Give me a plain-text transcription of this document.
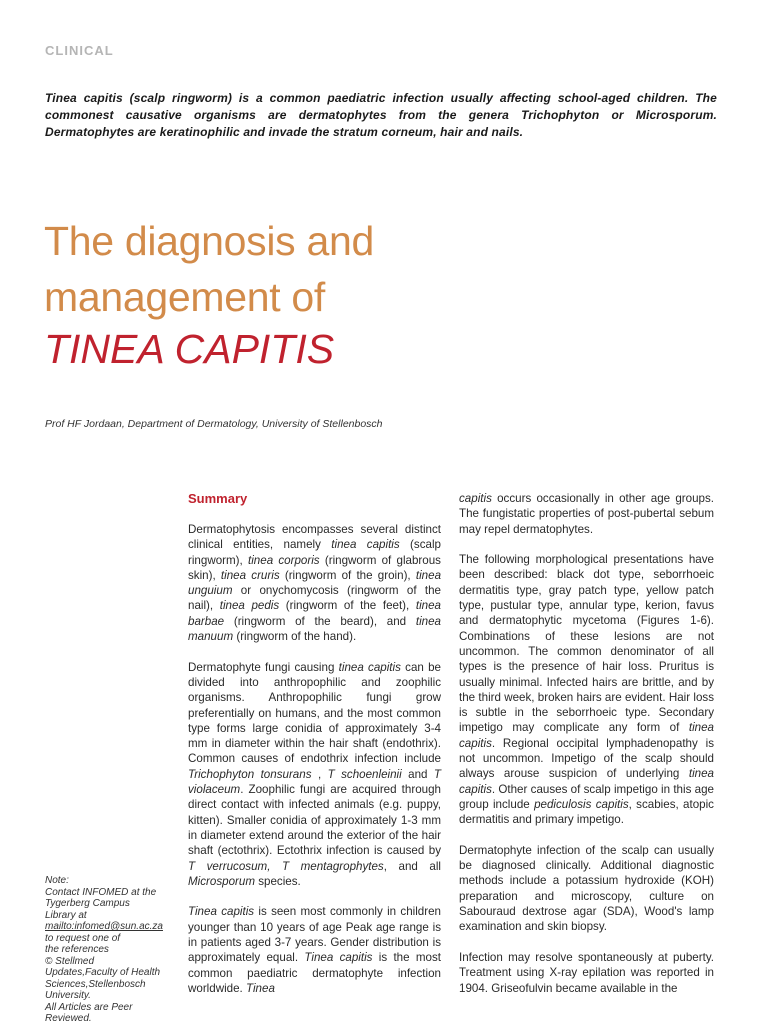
CLINICAL
Tinea capitis (scalp ringworm) is a common paediatric infection usually affecting school-aged children. The commonest causative organisms are dermatophytes from the genera Trichophyton or Microsporum. Dermatophytes are keratinophilic and invade the stratum corneum, hair and nails.
The diagnosis and
management of
TINEA CAPITIS
Prof HF Jordaan, Department of Dermatology, University of Stellenbosch
Summary

Dermatophytosis encompasses several distinct clinical entities, namely tinea capitis (scalp ringworm), tinea corporis (ringworm of glabrous skin), tinea cruris (ringworm of the groin), tinea unguium or onychomycosis (ringworm of the nail), tinea pedis (ringworm of the feet), tinea barbae (ringworm of the beard), and tinea manuum (ringworm of the hand).

Dermatophyte fungi causing tinea capitis can be divided into anthropophilic and zoophilic organisms. Anthropophilic fungi grow preferentially on humans, and the most common type forms large conidia of approximately 3-4 mm in diameter within the hair shaft (endothrix). Common causes of endothrix infection include Trichophyton tonsurans , T schoenleinii and T violaceum. Zoophilic fungi are acquired through direct contact with infected animals (e.g. puppy, kitten). Smaller conidia of approximately 1-3 mm in diameter extend around the exterior of the hair shaft (ectothrix). Ectothrix infection is caused by T verrucosum, T mentagrophytes, and all Microsporum species.

Tinea capitis is seen most commonly in children younger than 10 years of age Peak age range is in patients aged 3-7 years. Gender distribution is approximately equal. Tinea capitis is the most common paediatric dermatophyte infection worldwide. Tinea

capitis occurs occasionally in other age groups. The fungistatic properties of post-pubertal sebum may repel dermatophytes.

The following morphological presentations have been described: black dot type, seborrhoeic dermatitis type, gray patch type, yellow patch type, pustular type, annular type, kerion, favus and dermatophytic mycetoma (Figures 1-6). Combinations of these lesions are not uncommon. The common denominator of all types is the presence of hair loss. Pruritus is usually minimal. Infected hairs are brittle, and by the third week, broken hairs are evident. Hair loss is subtle in the seborrhoeic type. Secondary impetigo may complicate any form of tinea capitis. Regional occipital lymphadenopathy is not uncommon. Impetigo of the scalp should always arouse suspicion of underlying tinea capitis. Other causes of scalp impetigo in this age group include pediculosis capitis, scabies, atopic dermatitis and primary impetigo.

Dermatophyte infection of the scalp can usually be diagnosed clinically. Additional diagnostic methods include a potassium hydroxide (KOH) preparation and microscopy, culture on Sabouraud dextrose agar (SDA), Wood's lamp examination and skin biopsy.

Infection may resolve spontaneously at puberty. Treatment using X-ray epilation was reported in 1904. Griseofulvin became available in the

Note:
Contact INFOMED at the
Tygerberg Campus
Library at
mailto:infomed@sun.ac.za
to request one of
the references
© Stellmed
Updates,Faculty of Health
Sciences,Stellenbosch
University.
All Articles are Peer
Reviewed.
